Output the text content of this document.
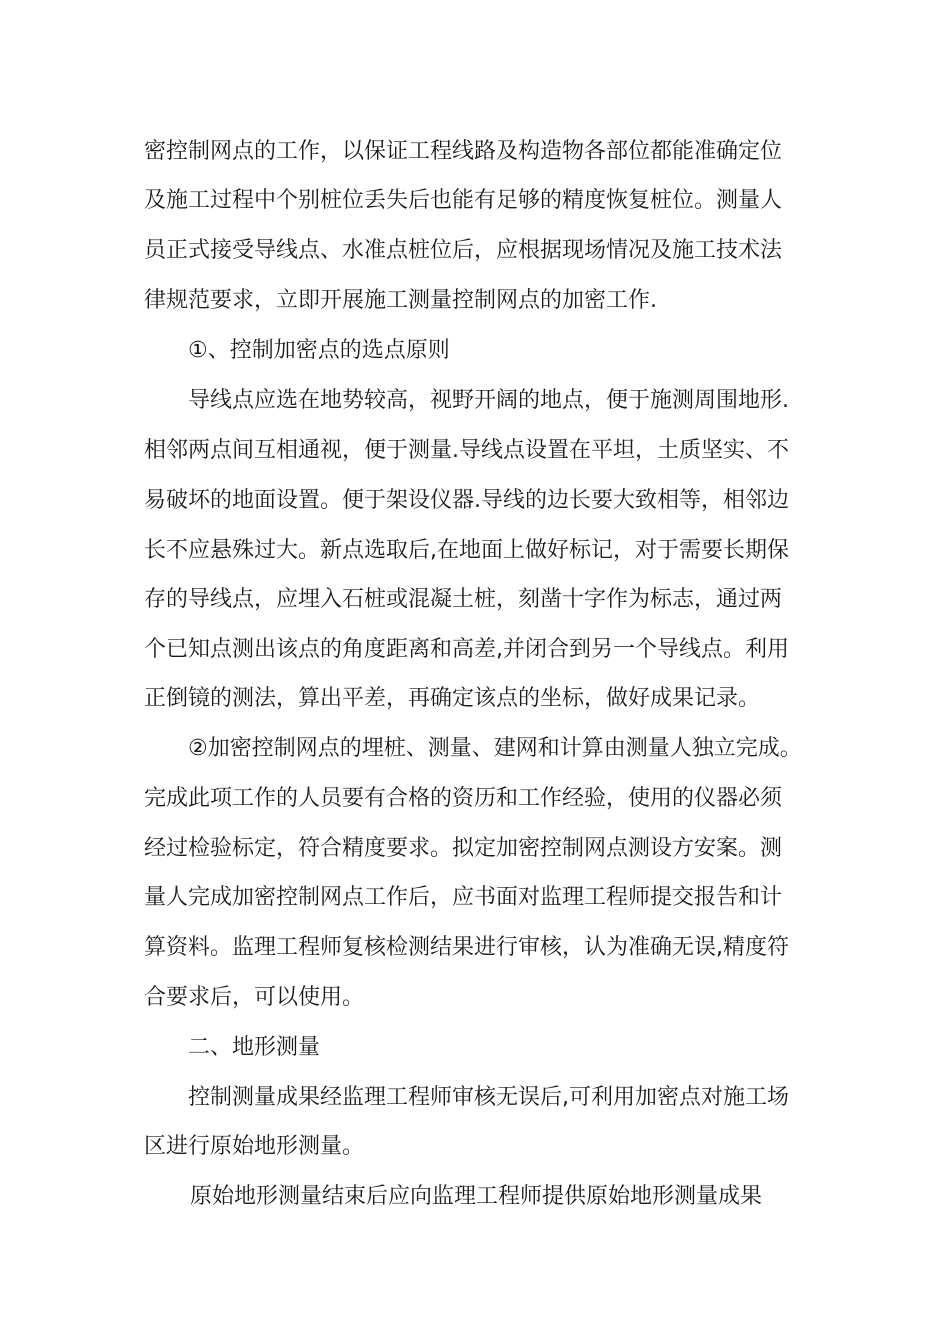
密控制网点的工作，以保证工程线路及构造物各部位都能准确定位
及施工过程中个别桩位丢失后也能有足够的精度恢复桩位。测量人
员正式接受导线点、水准点桩位后，应根据现场情况及施工技术法
律规范要求，立即开展施工测量控制网点的加密工作.
①、控制加密点的选点原则
导线点应选在地势较高，视野开阔的地点，便于施测周围地形.
相邻两点间互相通视，便于测量.导线点设置在平坦，土质坚实、不
易破坏的地面设置。便于架设仪器.导线的边长要大致相等，相邻边
长不应悬殊过大。新点选取后,在地面上做好标记，对于需要长期保
存的导线点，应埋入石桩或混凝土桩，刻凿十字作为标志，通过两
个已知点测出该点的角度距离和高差,并闭合到另一个导线点。利用
正倒镜的测法，算出平差，再确定该点的坐标，做好成果记录。
②加密控制网点的埋桩、测量、建网和计算由测量人独立完成。
完成此项工作的人员要有合格的资历和工作经验，使用的仪器必须
经过检验标定，符合精度要求。拟定加密控制网点测设方安案。测
量人完成加密控制网点工作后，应书面对监理工程师提交报告和计
算资料。监理工程师复核检测结果进行审核，认为准确无误,精度符
合要求后，可以使用。
二、地形测量
控制测量成果经监理工程师审核无误后,可利用加密点对施工场
区进行原始地形测量。
原始地形测量结束后应向监理工程师提供原始地形测量成果
